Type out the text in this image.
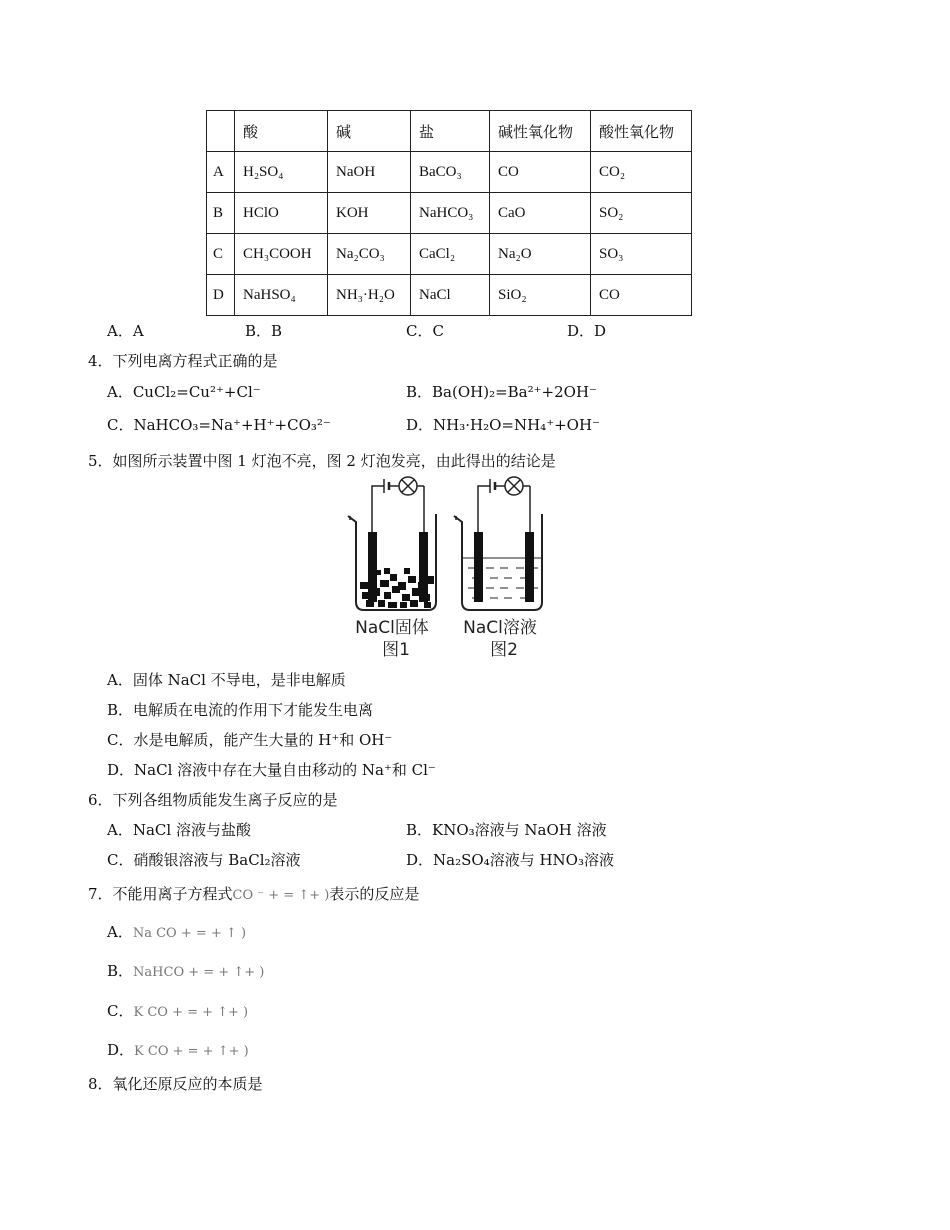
	酸	碱	盐	碱性氧化物	酸性氧化物
A	H₂SO₄	NaOH	BaCO₃	CO	CO₂
B	HClO	KOH	NaHCO₃	CaO	SO₂
C	CH₃COOH	Na₂CO₃	CaCl₂	Na₂O	SO₃
D	NaHSO₄	NH₃·H₂O	NaCl	SiO₂	CO
A．A	B．B	C．C	D．D
4．下列电离方程式正确的是
A．CuCl₂=Cu²⁺+Cl⁻	B．Ba(OH)₂=Ba²⁺+2OH⁻
C．NaHCO₃=Na⁺+H⁺+CO₃²⁻	D．NH₃·H₂O=NH₄⁺+OH⁻
5．如图所示装置中图 1 灯泡不亮，图 2 灯泡发亮，由此得出的结论是
NaCl固体
图1
NaCl溶液
图2
A．固体 NaCl 不导电，是非电解质
B．电解质在电流的作用下才能发生电离
C．水是电解质，能产生大量的 H⁺和 OH⁻
D．NaCl 溶液中存在大量自由移动的 Na⁺和 Cl⁻
6．下列各组物质能发生离子反应的是
A．NaCl 溶液与盐酸	B．KNO₃溶液与 NaOH 溶液
C．硝酸银溶液与 BaCl₂溶液	D．Na₂SO₄溶液与 HNO₃溶液
7．不能用离子方程式CO ⁻ + = ↑+ )表示的反应是
A．Na CO + = + ↑ )
B．NaHCO + = + ↑+ )
C．K CO + = + ↑+ )
D．K CO + = + ↑+ )
8．氧化还原反应的本质是
